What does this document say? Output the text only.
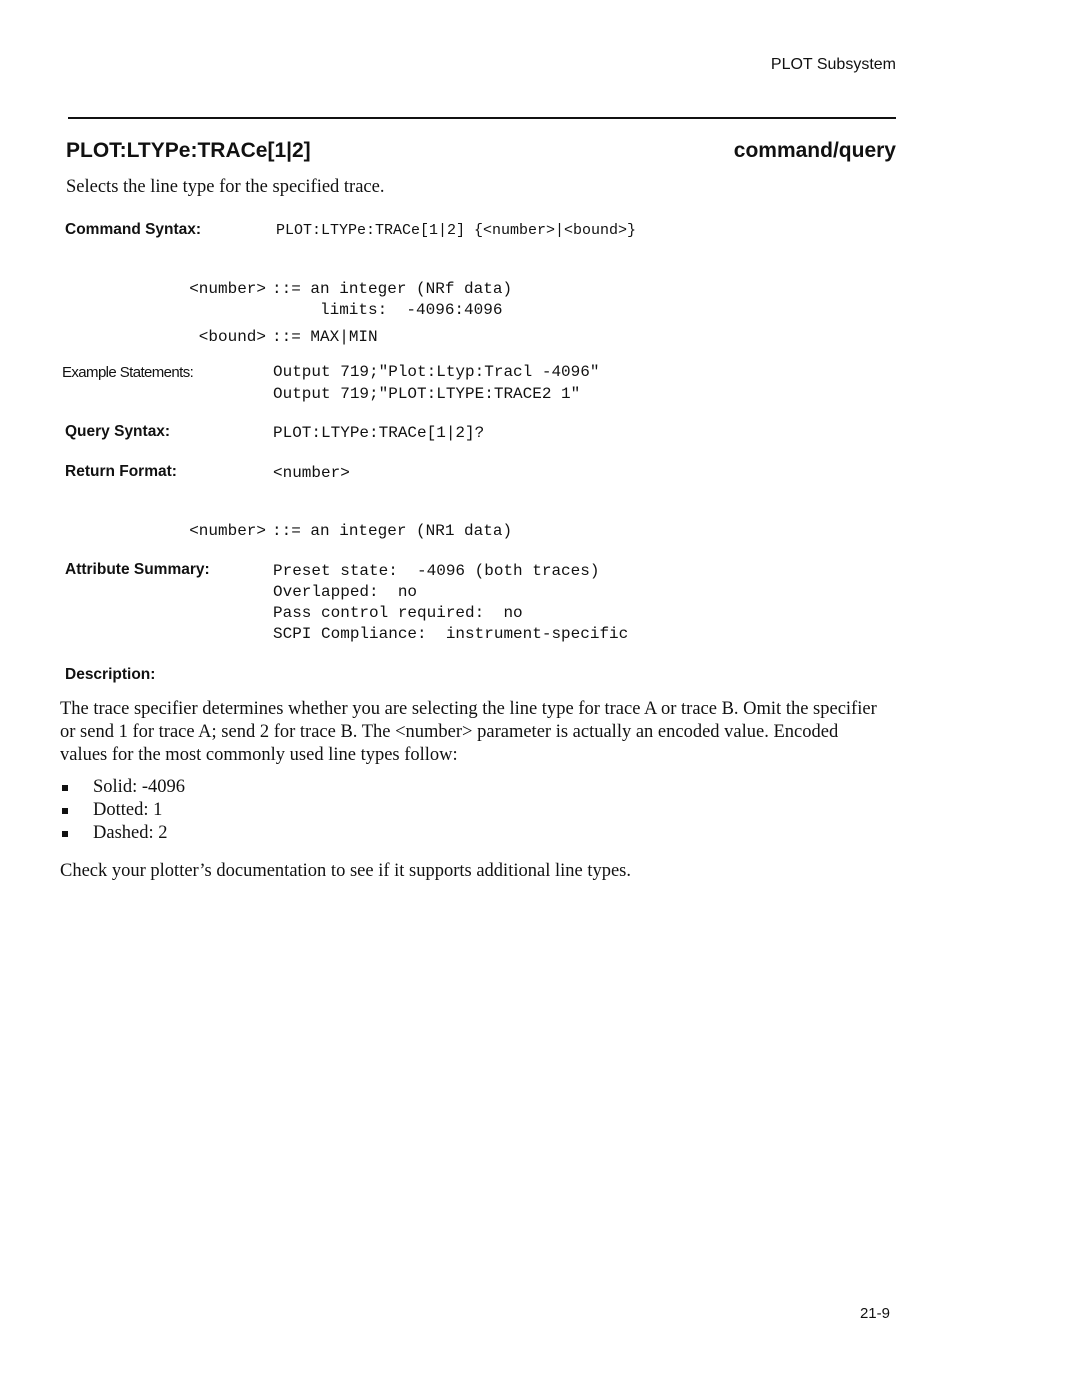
PLOT Subsystem
PLOT:LTYPe:TRACe[1|2]	command/query
Selects the line type for the specified trace.
Command Syntax:	PLOT:LTYPe:TRACe[1|2] {<number>|<bound>}
<number> ::= an integer (NRf data)
limits:  -4096:4096
<bound> ::= MAX|MIN
Example Statements:	Output 719;"Plot:Ltyp:Tracl -4096"
Output 719;"PLOT:LTYPE:TRACE2 1"
Query Syntax:	PLOT:LTYPe:TRACe[1|2]?
Return Format:	<number>
<number> ::= an integer (NR1 data)
Attribute Summary:	Preset state:  -4096 (both traces)
Overlapped:  no
Pass control required:  no
SCPI Compliance:  instrument-specific
Description:
The trace specifier determines whether you are selecting the line type for trace A or trace B. Omit the specifier or send 1 for trace A; send 2 for trace B. The <number> parameter is actually an encoded value. Encoded values for the most commonly used line types follow:
Solid: -4096
Dotted: 1
Dashed: 2
Check your plotter’s documentation to see if it supports additional line types.
21-9
